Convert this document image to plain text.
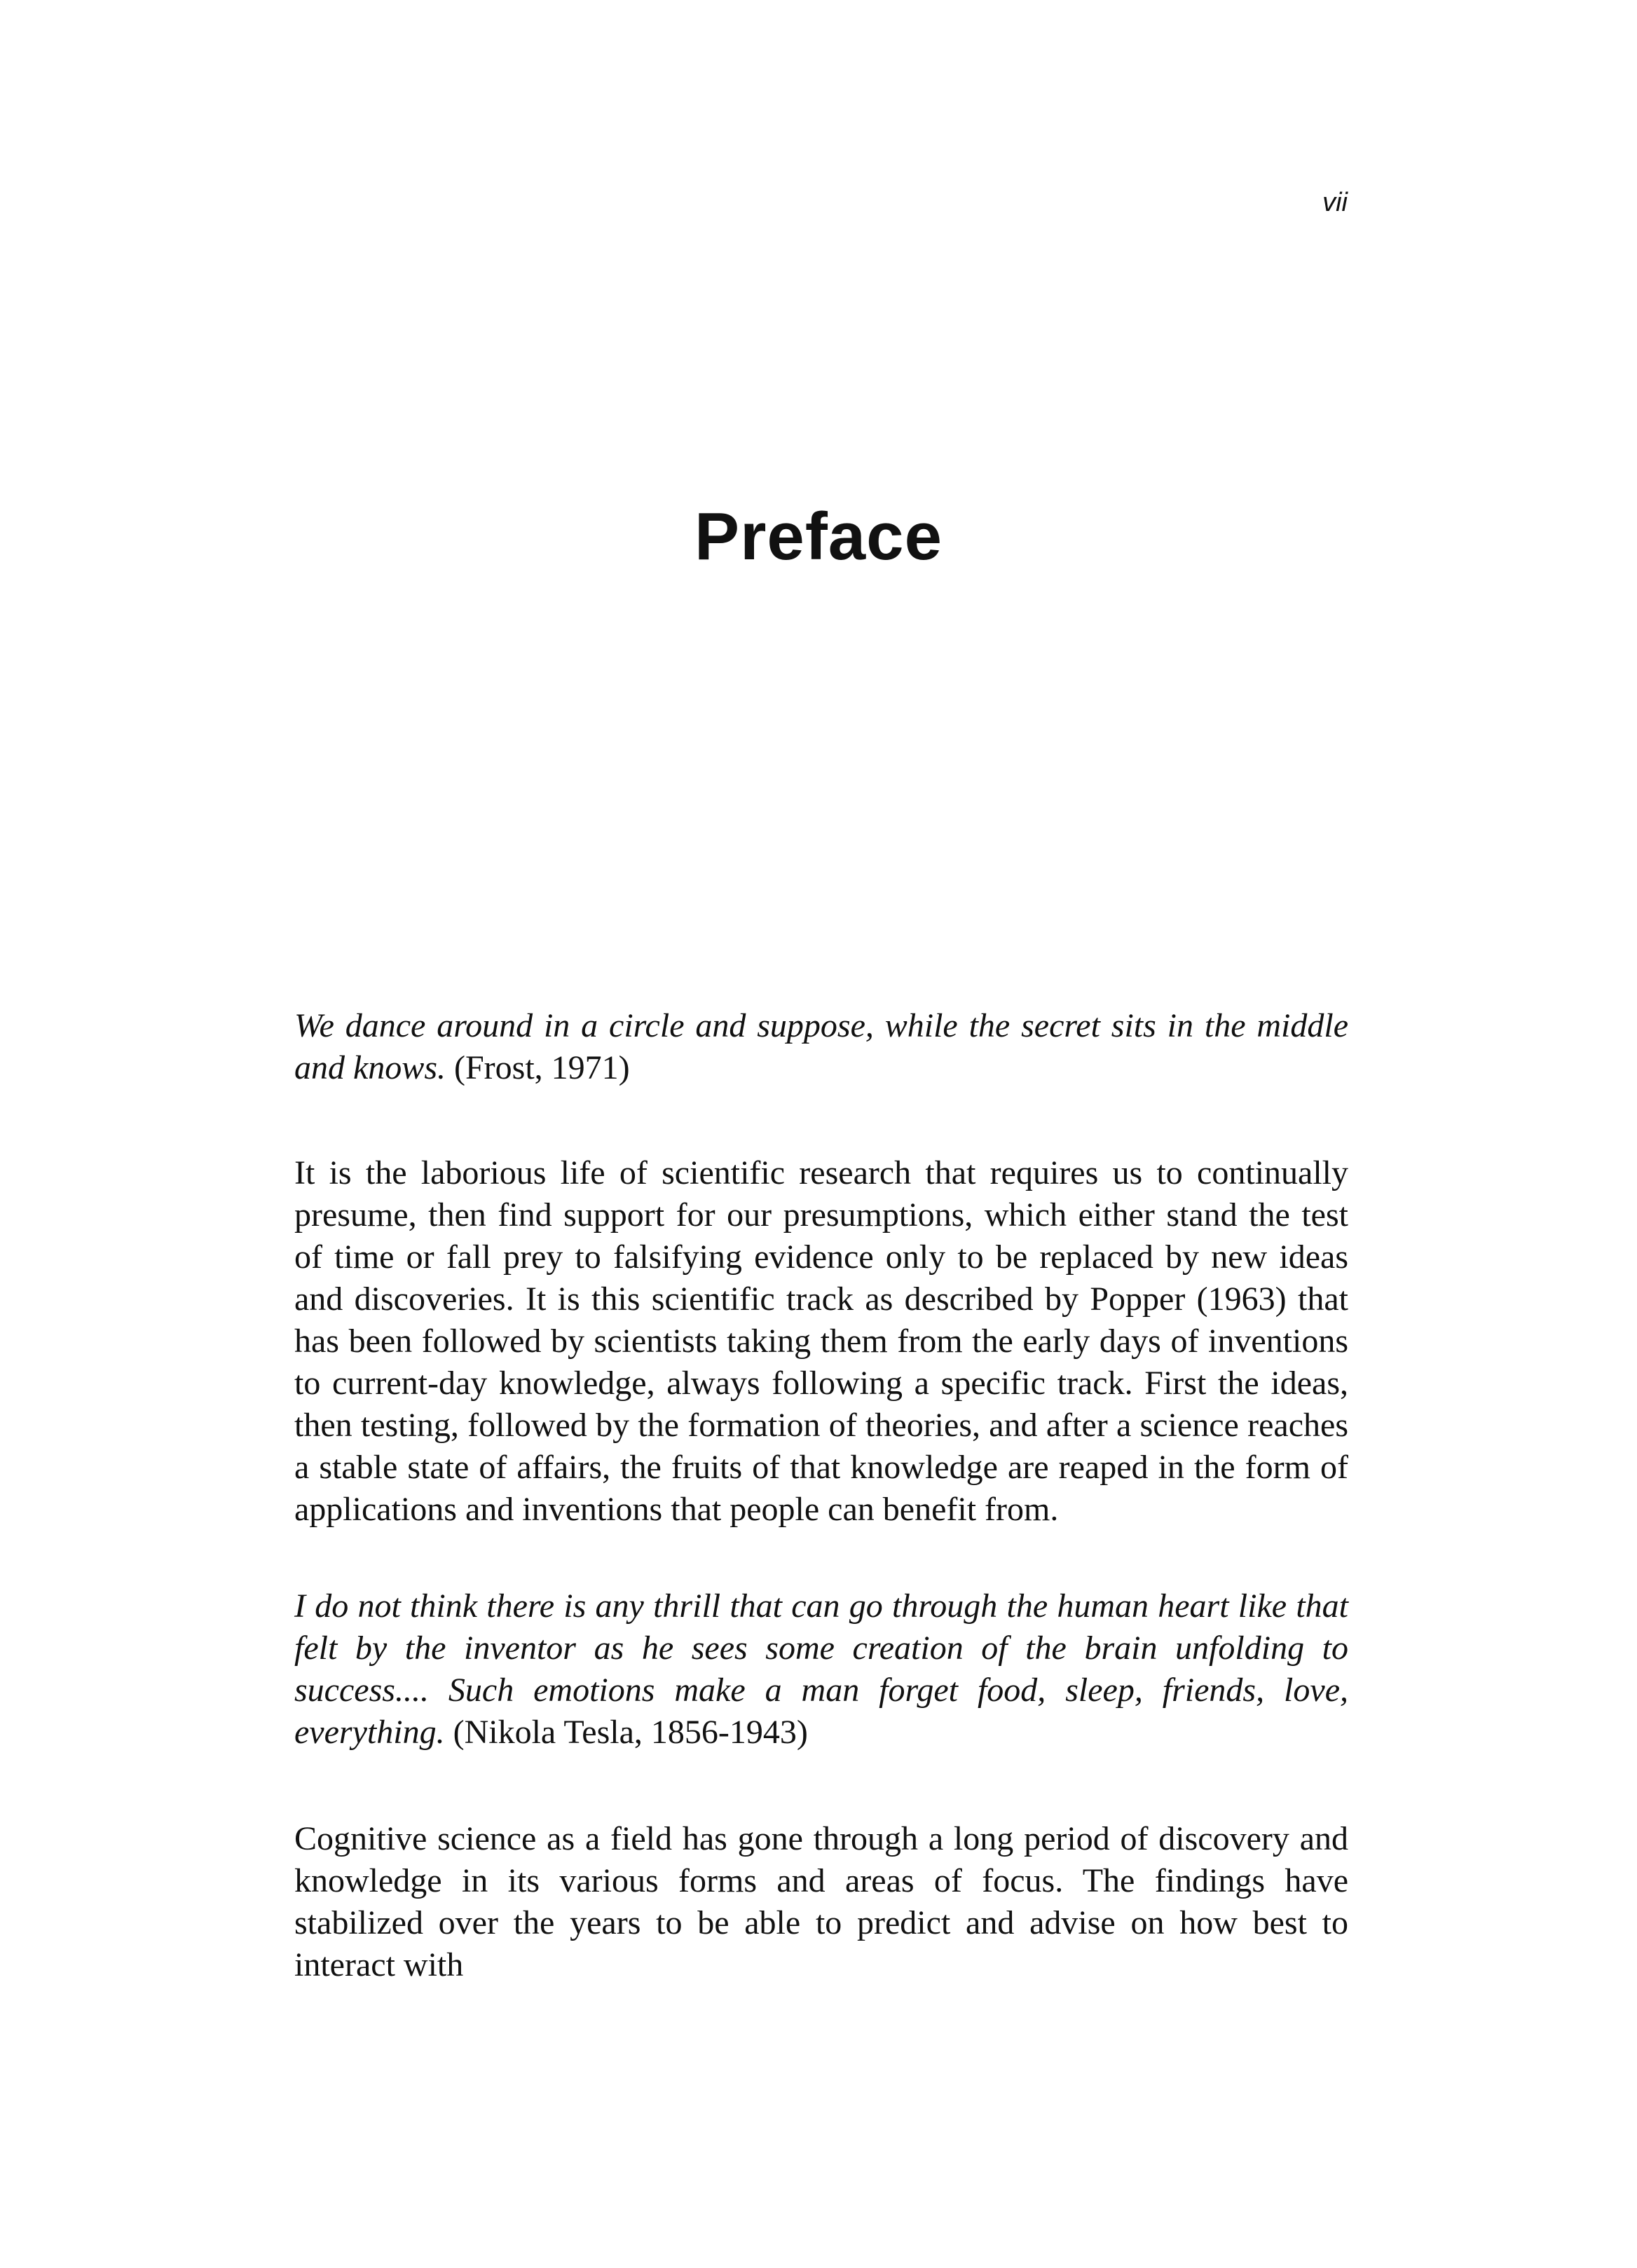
vii
Preface

We dance around in a circle and suppose, while the secret sits in the middle and knows. (Frost, 1971)

It is the laborious life of scientific research that requires us to continually presume, then find support for our presumptions, which either stand the test of time or fall prey to falsifying evidence only to be replaced by new ideas and discoveries. It is this scientific track as described by Popper (1963) that has been followed by scientists taking them from the early days of inventions to current-day knowledge, always following a specific track. First the ideas, then testing, followed by the formation of theories, and after a science reaches a stable state of affairs, the fruits of that knowledge are reaped in the form of applications and inventions that people can benefit from.

I do not think there is any thrill that can go through the human heart like that felt by the inventor as he sees some creation of the brain unfolding to success.... Such emotions make a man forget food, sleep, friends, love, everything. (Nikola Tesla, 1856-1943)

Cognitive science as a field has gone through a long period of discovery and knowledge in its various forms and areas of focus. The findings have stabilized over the years to be able to predict and advise on how best to interact with
